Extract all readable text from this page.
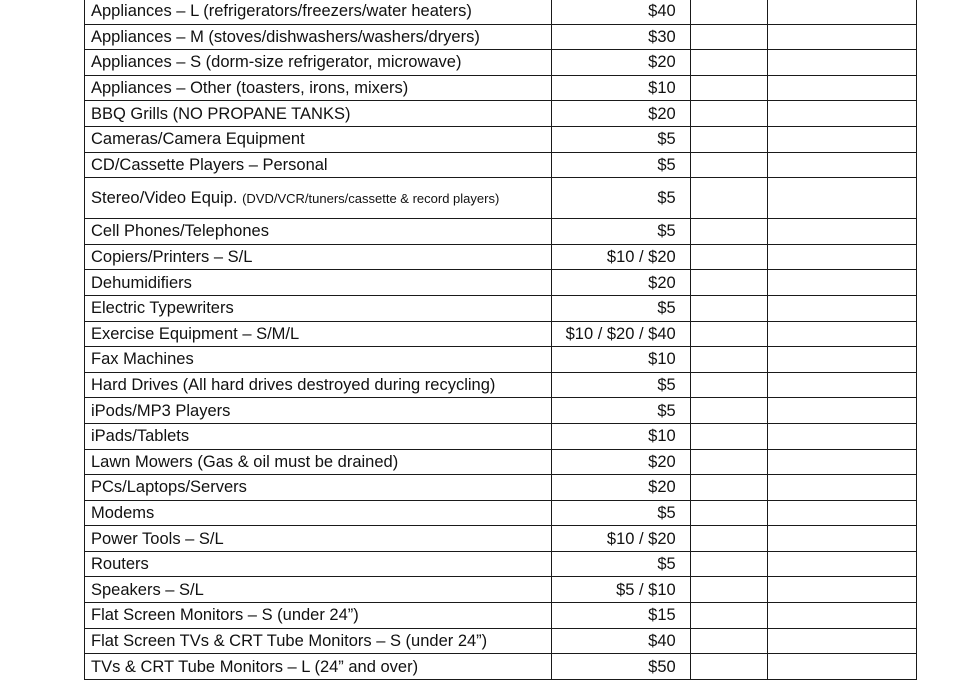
Appliances – L (refrigerators/freezers/water heaters)	$40		
Appliances – M (stoves/dishwashers/washers/dryers)	$30		
Appliances – S (dorm-size refrigerator, microwave)	$20		
Appliances – Other (toasters, irons, mixers)	$10		
BBQ Grills (NO PROPANE TANKS)	$20		
Cameras/Camera Equipment	$5		
CD/Cassette Players – Personal	$5		
Stereo/Video Equip. (DVD/VCR/tuners/cassette & record players)	$5		
Cell Phones/Telephones	$5		
Copiers/Printers – S/L	$10 / $20		
Dehumidifiers	$20		
Electric Typewriters	$5		
Exercise Equipment – S/M/L	$10 / $20 / $40		
Fax Machines	$10		
Hard Drives (All hard drives destroyed during recycling)	$5		
iPods/MP3 Players	$5		
iPads/Tablets	$10		
Lawn Mowers (Gas & oil must be drained)	$20		
PCs/Laptops/Servers	$20		
Modems	$5		
Power Tools – S/L	$10 / $20		
Routers	$5		
Speakers – S/L	$5 / $10		
Flat Screen Monitors – S (under 24”)	$15		
Flat Screen TVs & CRT Tube Monitors – S (under 24”)	$40		
TVs & CRT Tube Monitors – L (24” and over)	$50		
